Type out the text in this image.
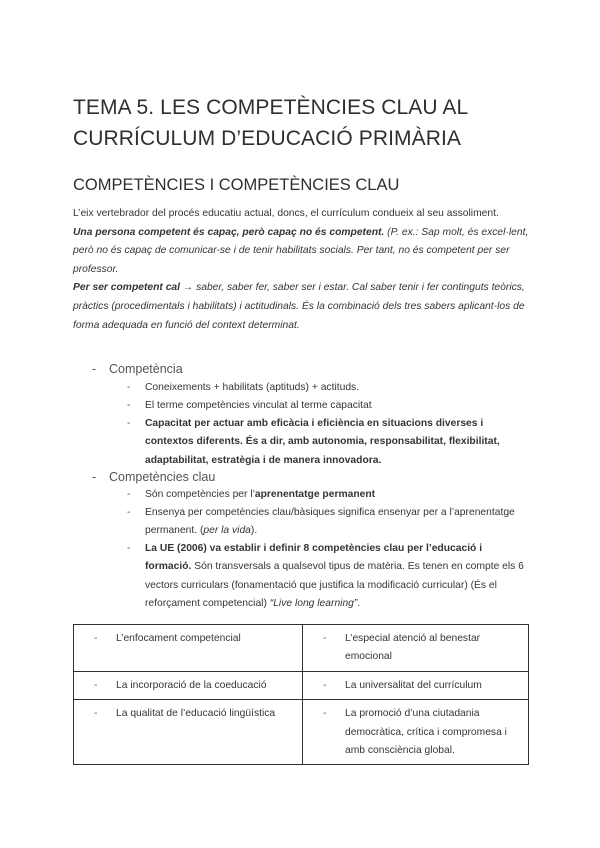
TEMA 5. LES COMPETÈNCIES CLAU AL
CURRÍCULUM D’EDUCACIÓ PRIMÀRIA
COMPETÈNCIES I COMPETÈNCIES CLAU

L’eix vertebrador del procés educatiu actual, doncs, el currículum condueix al seu assoliment.

Una persona competent és capaç, però capaç no és competent. (P. ex.: Sap molt, és excel·lent, però no és capaç de comunicar-se i de tenir habilitats socials. Per tant, no és competent per ser professor.

Per ser competent cal → saber, saber fer, saber ser i estar. Cal saber tenir i fer continguts teòrics, pràctics (procedimentals i habilitats) i actitudinals. És la combinació dels tres sabers aplicant-los de forma adequada en funció del context determinat.

- Competència
- Coneixements + habilitats (aptituds) + actituds.
- El terme competències vinculat al terme capacitat
- Capacitat per actuar amb eficàcia i eficiència en situacions diverses i contextos diferents. És a dir, amb autonomia, responsabilitat, flexibilitat, adaptabilitat, estratègia i de manera innovadora.
- Competències clau
- Són competències per l’aprenentatge permanent
- Ensenya per competències clau/bàsiques significa ensenyar per a l’aprenentatge permanent. (per la vida).
- La UE (2006) va establir i definir 8 competències clau per l’educació i formació. Són transversals a qualsevol tipus de matèria. Es tenen en compte els 6 vectors curriculars (fonamentació que justifica la modificació curricular) (És el reforçament competencial) “Live long learning”.
- L’enfocament competencial	- L’especial atenció al benestar emocional

- La incorporació de la coeducació	- La universalitat del currículum

- La qualitat de l’educació lingüística	- La promoció d’una ciutadania democràtica, crítica i compromesa i amb consciència global.
